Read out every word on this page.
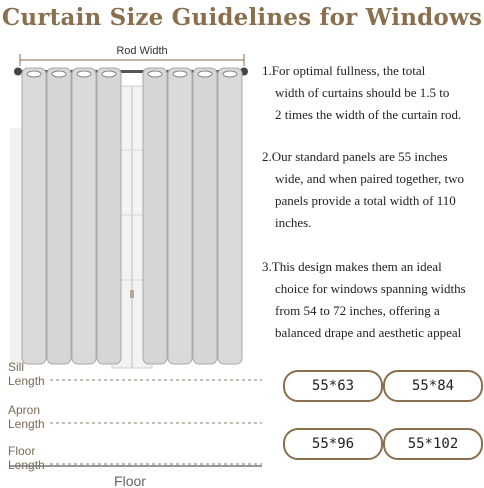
Curtain Size Guidelines for Windows
Rod Width
Sill
Length
Apron
Length
Floor
Length
Floor

1.For optimal fullness, the total
width of curtains should be 1.5 to
2 times the width of the curtain rod.

2.Our standard panels are 55 inches
wide, and when paired together, two
panels provide a total width of 110
inches.

3.This design makes them an ideal
choice for windows spanning widths
from 54 to 72 inches, offering a
balanced drape and aesthetic appeal

55*63	55*84
55*96	55*102
